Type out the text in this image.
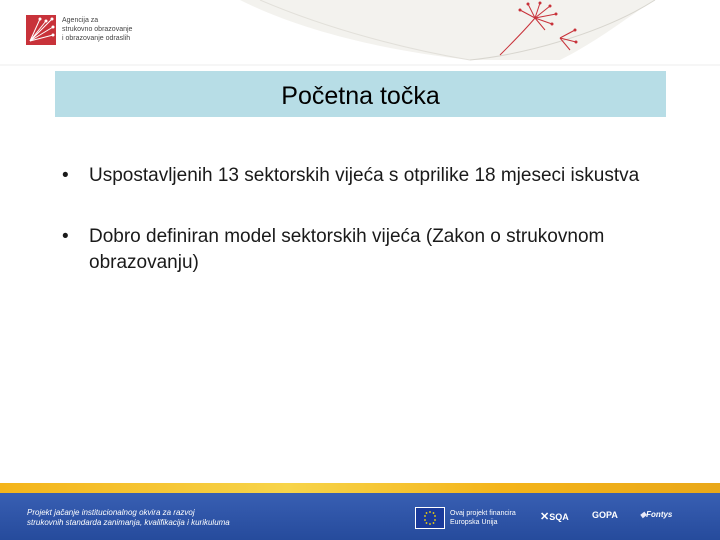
Agencija za
strukovno obrazovanje
i obrazovanje odraslih
Početna točka
• Uspostavljenih 13 sektorskih vijeća s otprilike 18 mjeseci iskustva
• Dobro definiran model sektorskih vijeća (Zakon o strukovnom obrazovanju)
Projekt jačanje institucionalnog okvira za razvoj
strukovnih standarda zanimanja, kvalifikacija i kurikuluma
Ovaj projekt financira
Europska Unija	✕SQA	GOPA	◆Fontys
